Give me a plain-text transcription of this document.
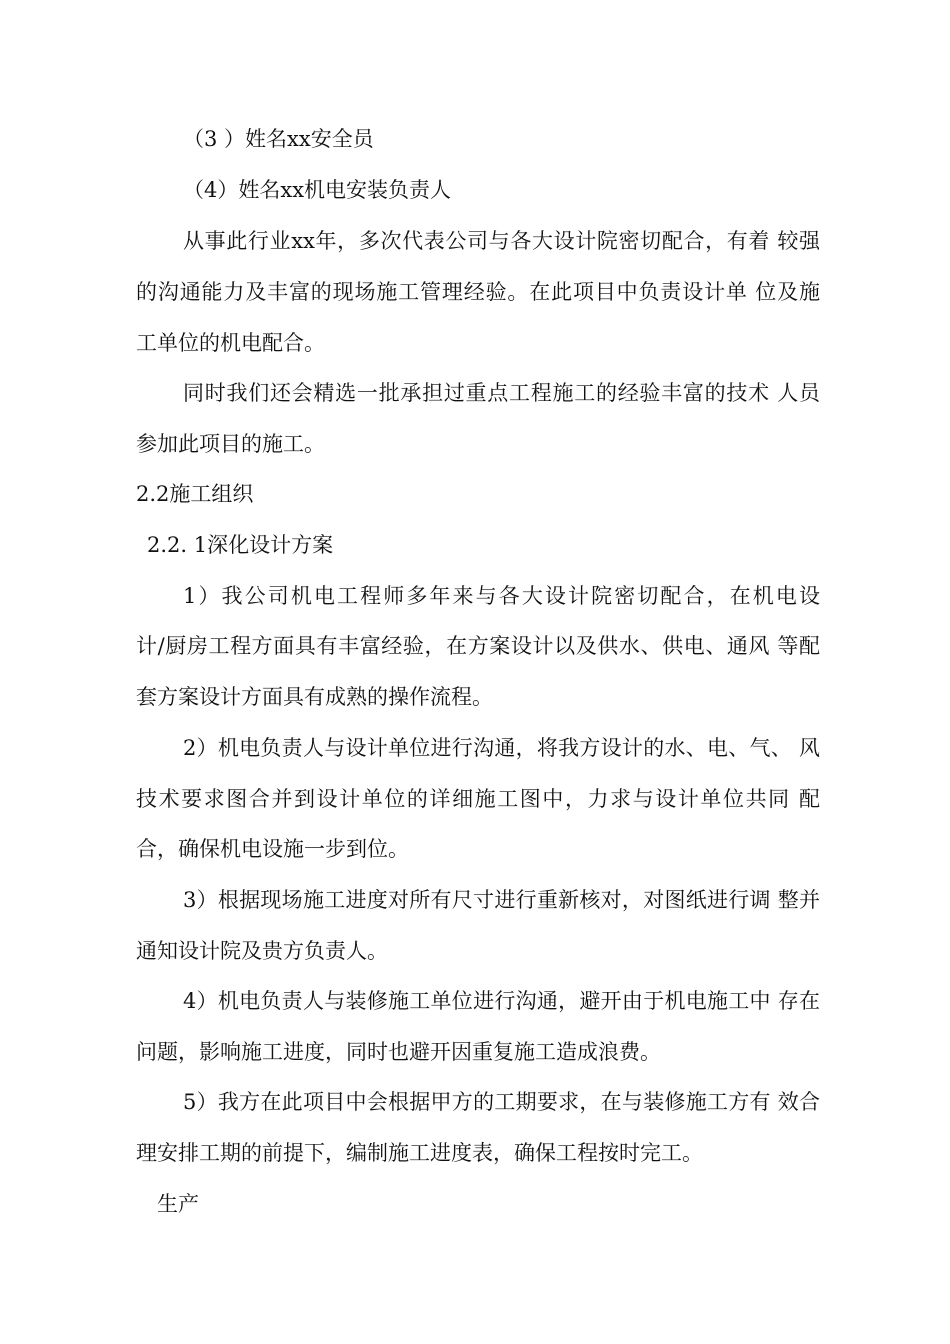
（3 ）姓名xx安全员
（4）姓名xx机电安装负责人
从事此行业xx年，多次代表公司与各大设计院密切配合，有着 较强
的沟通能力及丰富的现场施工管理经验。在此项目中负责设计单 位及施
工单位的机电配合。
同时我们还会精选一批承担过重点工程施工的经验丰富的技术 人员
参加此项目的施工。
2.2施工组织
2.2. 1深化设计方案
1）我公司机电工程师多年来与各大设计院密切配合，在机电设
计/厨房工程方面具有丰富经验，在方案设计以及供水、供电、通风 等配
套方案设计方面具有成熟的操作流程。
2）机电负责人与设计单位进行沟通，将我方设计的水、电、气、 风
技术要求图合并到设计单位的详细施工图中，力求与设计单位共同 配
合，确保机电设施一步到位。
3）根据现场施工进度对所有尺寸进行重新核对，对图纸进行调 整并
通知设计院及贵方负责人。
4）机电负责人与装修施工单位进行沟通，避开由于机电施工中 存在
问题，影响施工进度，同时也避开因重复施工造成浪费。
5）我方在此项目中会根据甲方的工期要求，在与装修施工方有 效合
理安排工期的前提下，编制施工进度表，确保工程按时完工。
生产
